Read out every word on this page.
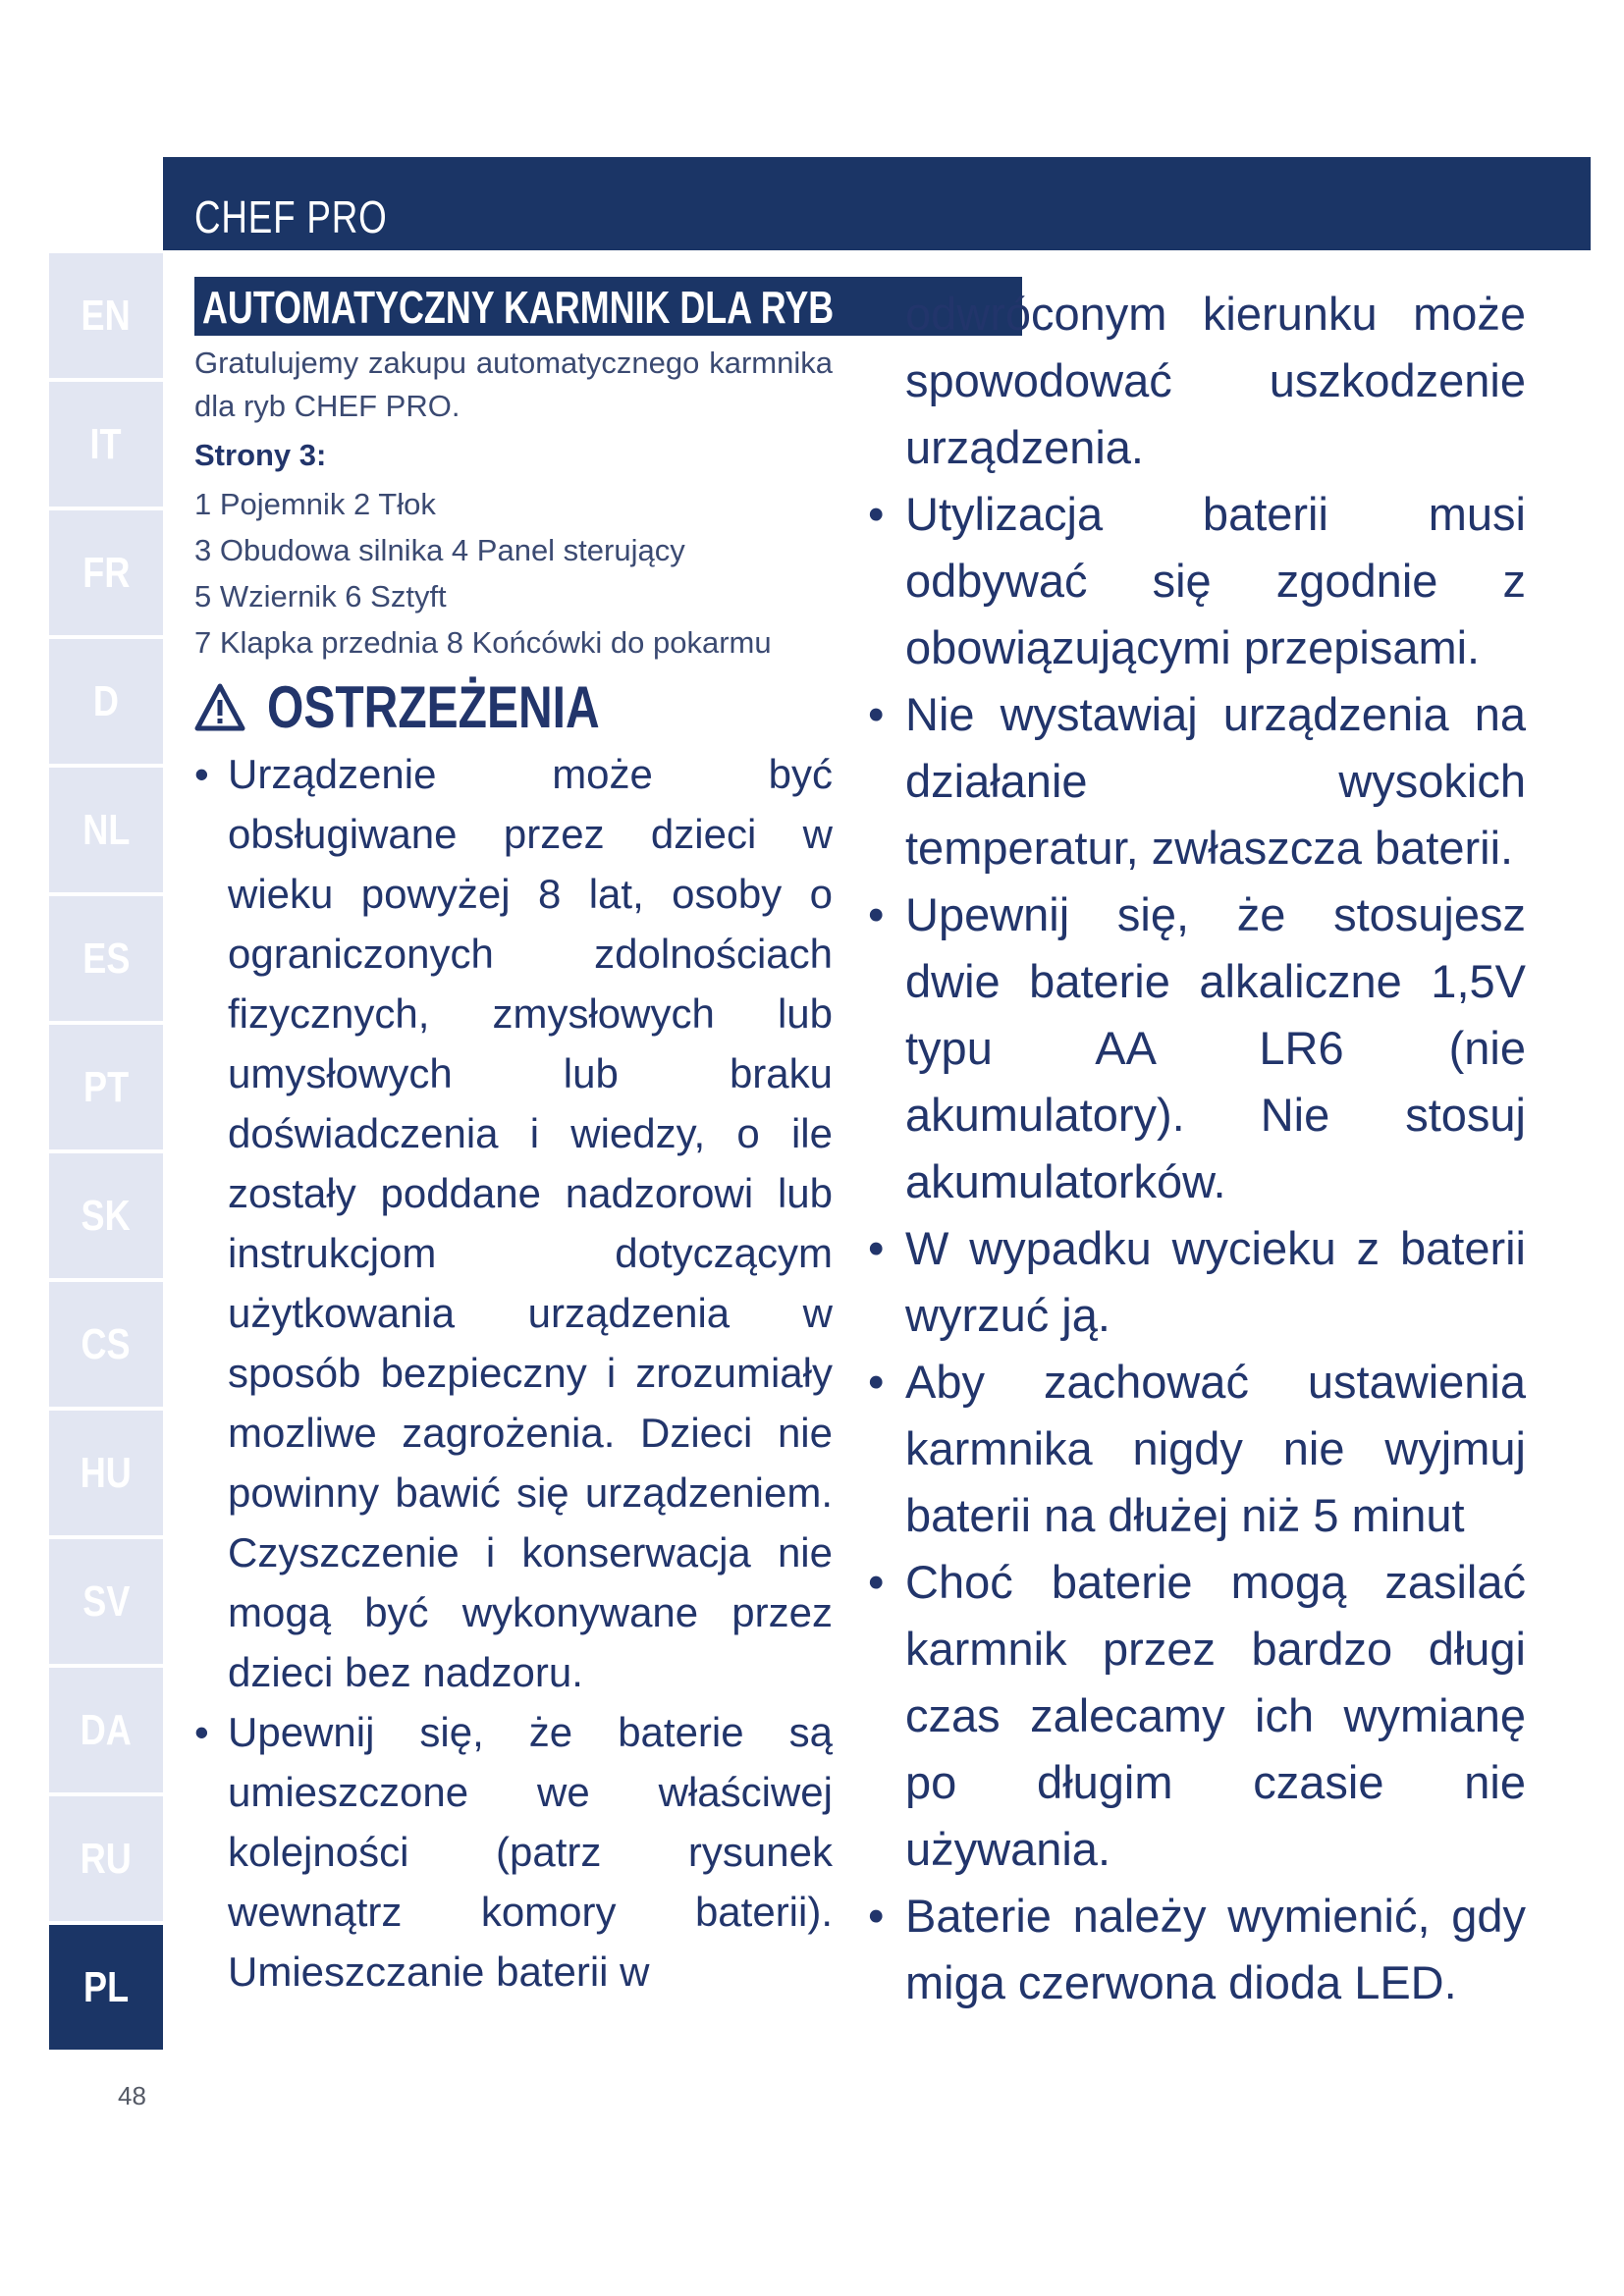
CHEF PRO
EN
IT
FR
D
NL
ES
PT
SK
CS
HU
SV
DA
RU
PL
48
AUTOMATYCZNY KARMNIK DLA RYB

Gratulujemy zakupu automatycznego karmnika dla ryb CHEF PRO.

Strony 3:
1 Pojemnik 2 Tłok
3 Obudowa silnika 4 Panel sterujący
5 Wziernik 6 Sztyft
7 Klapka przednia 8 Końcówki do pokarmu
OSTRZEŻENIA
• Urządzenie może być obsługiwane przez dzieci w wieku powyżej 8 lat, osoby o ograniczonych zdolnościach fizycznych, zmysłowych lub umysłowych lub braku doświadczenia i wiedzy, o ile zostały poddane nadzorowi lub instrukcjom dotyczącym użytkowania urządzenia w sposób bezpieczny i zrozumiały mozliwe zagrożenia. Dzieci nie powinny bawić się urządzeniem. Czyszczenie i konserwacja nie mogą być wykonywane przez dzieci bez nadzoru.
• Upewnij się, że baterie są umieszczone we właściwej kolejności (patrz rysunek wewnątrz komory baterii). Umieszczanie baterii w
odwróconym kierunku może spowodować uszkodzenie urządzenia.
• Utylizacja baterii musi odbywać się zgodnie z obowiązującymi przepisami.
• Nie wystawiaj urządzenia na działanie wysokich temperatur, zwłaszcza baterii.
• Upewnij się, że stosujesz dwie baterie alkaliczne 1,5V typu AA LR6 (nie akumulatory). Nie stosuj akumulatorków.
• W wypadku wycieku z baterii wyrzuć ją.
• Aby zachować ustawienia karmnika nigdy nie wyjmuj baterii na dłużej niż 5 minut
• Choć baterie mogą zasilać karmnik przez bardzo długi czas zalecamy ich wymianę po długim czasie nie używania.
• Baterie należy wymienić, gdy miga czerwona dioda LED.
